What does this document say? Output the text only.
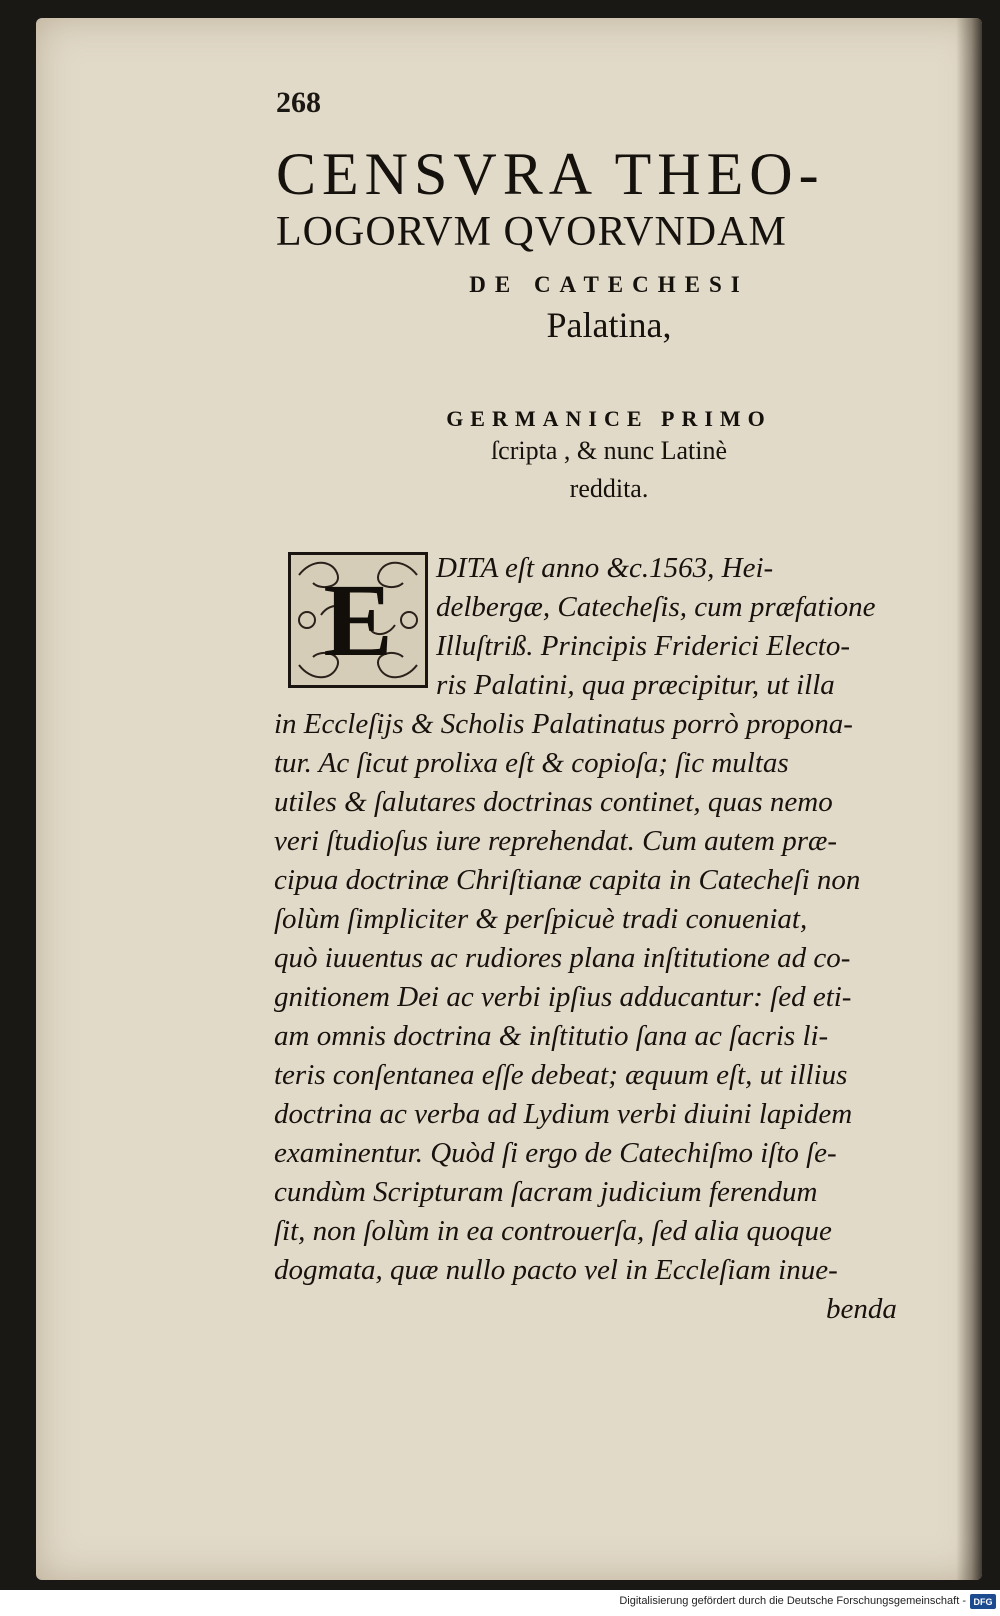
268
CENSVRA THEO-
LOGORVM QVORVNDAM
DE CATECHESI
Palatina,
GERMANICE PRIMO
ſcripta , & nunc Latinè
reddita.
E	DITA eſt anno &c.1563, Hei-
delbergæ, Catecheſis, cum præfatione
Illuſtriß. Principis Friderici Electo-
ris Palatini, qua præcipitur, ut illa
in Eccleſijs & Scholis Palatinatus porrò propona-
tur. Ac ſicut prolixa eſt & copioſa; ſic multas
utiles & ſalutares doctrinas continet, quas nemo
veri ſtudioſus iure reprehendat. Cum autem præ-
cipua doctrinæ Chriſtianæ capita in Catecheſi non
ſolùm ſimpliciter & perſpicuè tradi conueniat,
quò iuuentus ac rudiores plana inſtitutione ad co-
gnitionem Dei ac verbi ipſius adducantur: ſed eti-
am omnis doctrina & inſtitutio ſana ac ſacris li-
teris conſentanea eſſe debeat; æquum eſt, ut illius
doctrina ac verba ad Lydium verbi diuini lapidem
examinentur. Quòd ſi ergo de Catechiſmo iſto ſe-
cundùm Scripturam ſacram judicium ferendum
ſit, non ſolùm in ea controuerſa, ſed alia quoque
dogmata, quæ nullo pacto vel in Eccleſiam inue-
benda
Digitalisierung gefördert durch die Deutsche Forschungsgemeinschaft - DFG
